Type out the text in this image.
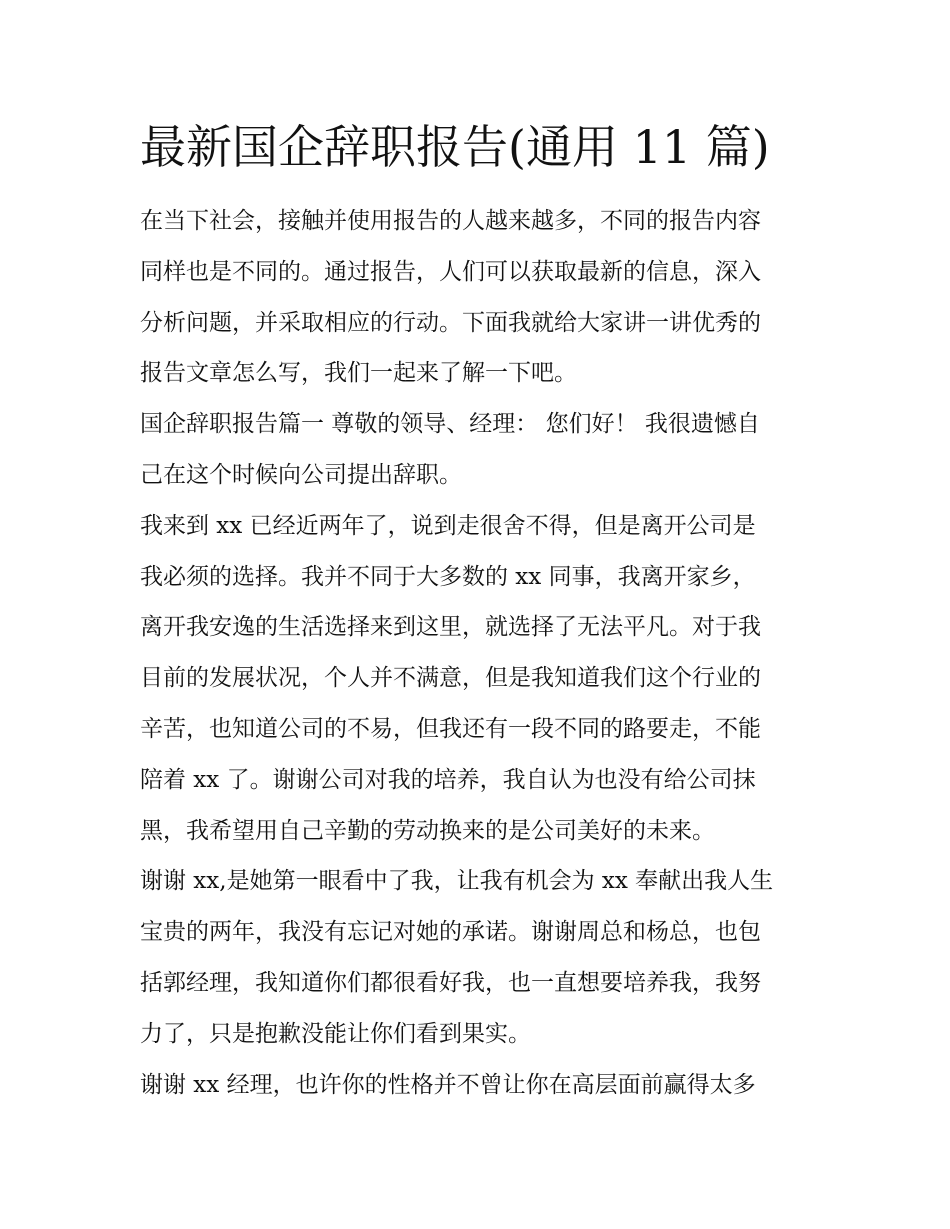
最新国企辞职报告(通用 11 篇)

在当下社会，接触并使用报告的人越来越多，不同的报告内容
同样也是不同的。通过报告，人们可以获取最新的信息，深入
分析问题，并采取相应的行动。下面我就给大家讲一讲优秀的
报告文章怎么写，我们一起来了解一下吧。

国企辞职报告篇一 尊敬的领导、经理： 您们好！ 我很遗憾自
己在这个时候向公司提出辞职。

我来到 xx 已经近两年了，说到走很舍不得，但是离开公司是
我必须的选择。我并不同于大多数的 xx 同事，我离开家乡，
离开我安逸的生活选择来到这里，就选择了无法平凡。对于我
目前的发展状况，个人并不满意，但是我知道我们这个行业的
辛苦，也知道公司的不易，但我还有一段不同的路要走，不能
陪着 xx 了。谢谢公司对我的培养，我自认为也没有给公司抹
黑，我希望用自己辛勤的劳动换来的是公司美好的未来。

谢谢 xx,是她第一眼看中了我，让我有机会为 xx 奉献出我人生
宝贵的两年，我没有忘记对她的承诺。谢谢周总和杨总，也包
括郭经理，我知道你们都很看好我，也一直想要培养我，我努
力了，只是抱歉没能让你们看到果实。

谢谢 xx 经理，也许你的性格并不曾让你在高层面前赢得太多
